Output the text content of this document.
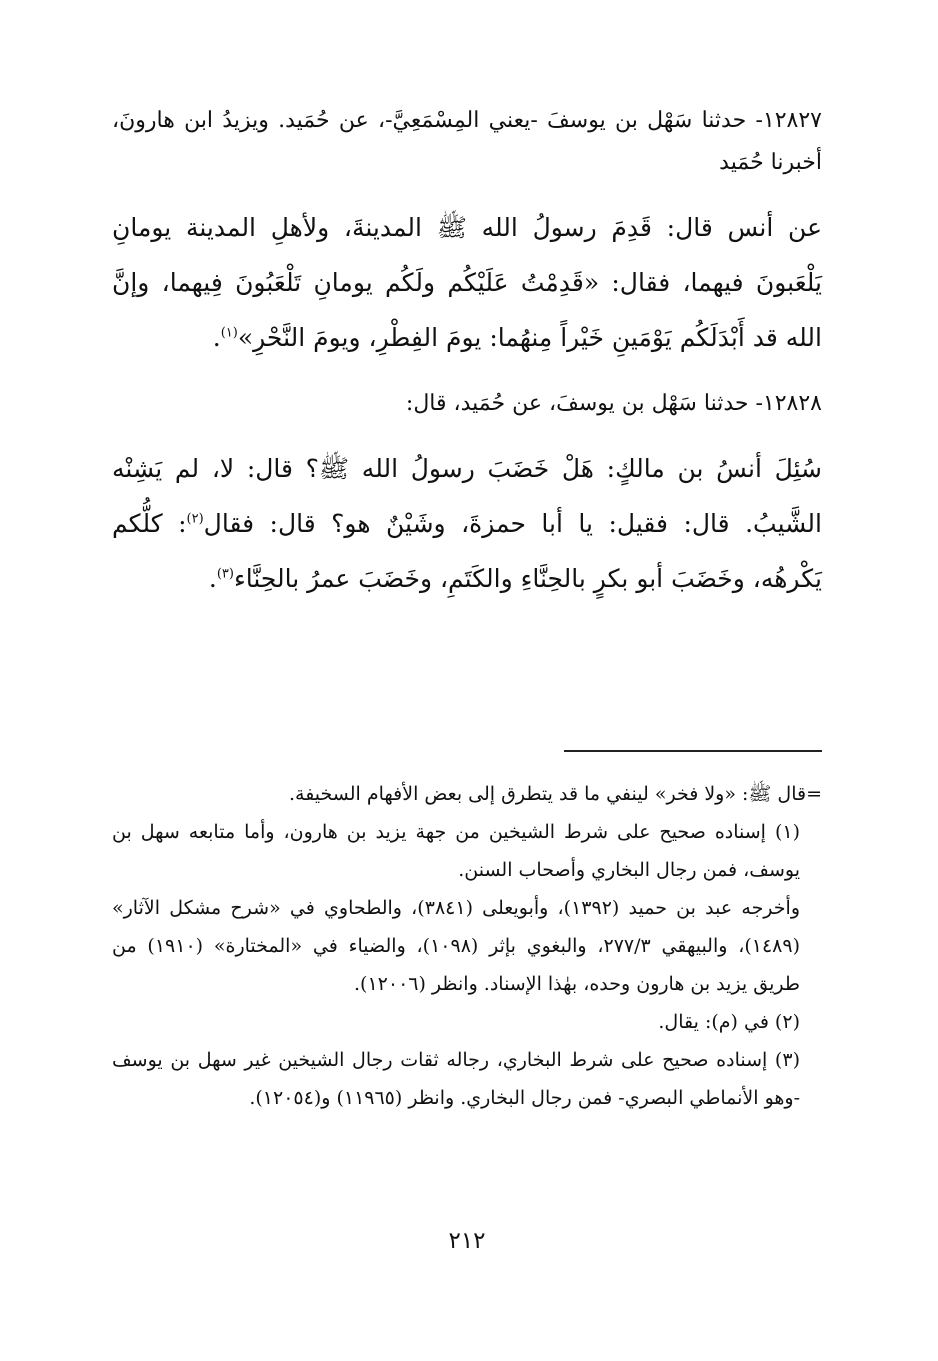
١٢٨٢٧- حدثنا سَهْل بن يوسفَ -يعني المِسْمَعِيَّ-، عن حُمَيد. ويزيدُ ابن هارونَ، أخبرنا حُمَيد

عن أنس قال: قَدِمَ رسولُ الله ﷺ المدينةَ، ولأهلِ المدينة يومانِ يَلْعَبونَ فيهما، فقال: «قَدِمْتُ عَلَيْكُم ولَكُم يومانِ تَلْعَبُونَ فِيهما، وإنَّ الله قد أَبْدَلَكُم يَوْمَينِ خَيْراً مِنهُما: يومَ الفِطْرِ، ويومَ النَّحْرِ»$^{(١)}$.

١٢٨٢٨- حدثنا سَهْل بن يوسفَ، عن حُمَيد، قال:

سُئِلَ أنسُ بن مالكٍ: هَلْ خَضَبَ رسولُ الله ﷺ؟ قال: لا، لم يَشِنْه الشَّيبُ. قال: فقيل: يا أبا حمزةَ، وشَيْنٌ هو؟ قال: فقال$^{(٢)}$: كلُّكم يَكْرهُه، وخَضَبَ أبو بكرٍ بالحِنَّاءِ والكَتَمِ، وخَضَبَ عمرُ بالحِنَّاء$^{(٣)}$.

=قال ﷺ: «ولا فخر» لينفي ما قد يتطرق إلى بعض الأفهام السخيفة.

(١) إسناده صحيح على شرط الشيخين من جهة يزيد بن هارون، وأما متابعه سهل بن يوسف، فمن رجال البخاري وأصحاب السنن.

وأخرجه عبد بن حميد (١٣٩٢)، وأبويعلى (٣٨٤١)، والطحاوي في «شرح مشكل الآثار» (١٤٨٩)، والبيهقي ٢٧٧/٣، والبغوي بإثر (١٠٩٨)، والضياء في «المختارة» (١٩١٠) من طريق يزيد بن هارون وحده، بهٰذا الإسناد. وانظر (١٢٠٠٦).

(٢) في (م): يقال.

(٣) إسناده صحيح على شرط البخاري، رجاله ثقات رجال الشيخين غير سهل بن يوسف -وهو الأنماطي البصري- فمن رجال البخاري. وانظر (١١٩٦٥) و(١٢٠٥٤).

٢١٢
